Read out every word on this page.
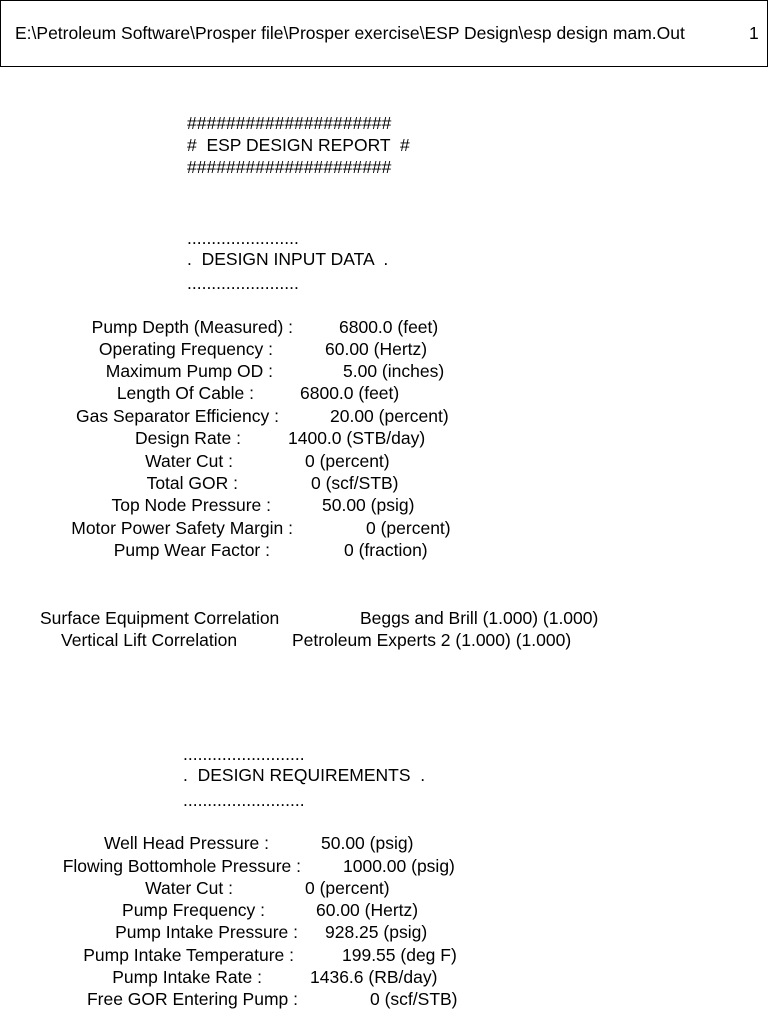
E:\Petroleum Software\Prosper file\Prosper exercise\ESP Design\esp design mam.Out	1
#####################
#  ESP DESIGN REPORT  #
#####################
.......................
.  DESIGN INPUT DATA  .
.......................
Pump Depth (Measured) :	6800.0 (feet)
Operating Frequency :	60.00 (Hertz)
Maximum Pump OD :	5.00 (inches)
Length Of Cable :	6800.0 (feet)
Gas Separator Efficiency :	20.00 (percent)
Design Rate :	1400.0 (STB/day)
Water Cut :	0 (percent)
Total GOR :	0 (scf/STB)
Top Node Pressure :	50.00 (psig)
Motor Power Safety Margin :	0 (percent)
Pump Wear Factor :	0 (fraction)
Surface Equipment Correlation	Beggs and Brill (1.000) (1.000)
Vertical Lift Correlation	Petroleum Experts 2 (1.000) (1.000)
.........................
.  DESIGN REQUIREMENTS  .
.........................
Well Head Pressure :	50.00 (psig)
Flowing Bottomhole Pressure : 1000.00 (psig)
Water Cut :	0 (percent)
Pump Frequency :	60.00 (Hertz)
Pump Intake Pressure : 928.25 (psig)
Pump Intake Temperature :	199.55 (deg F)
Pump Intake Rate :	1436.6 (RB/day)
Free GOR Entering Pump :	0 (scf/STB)
